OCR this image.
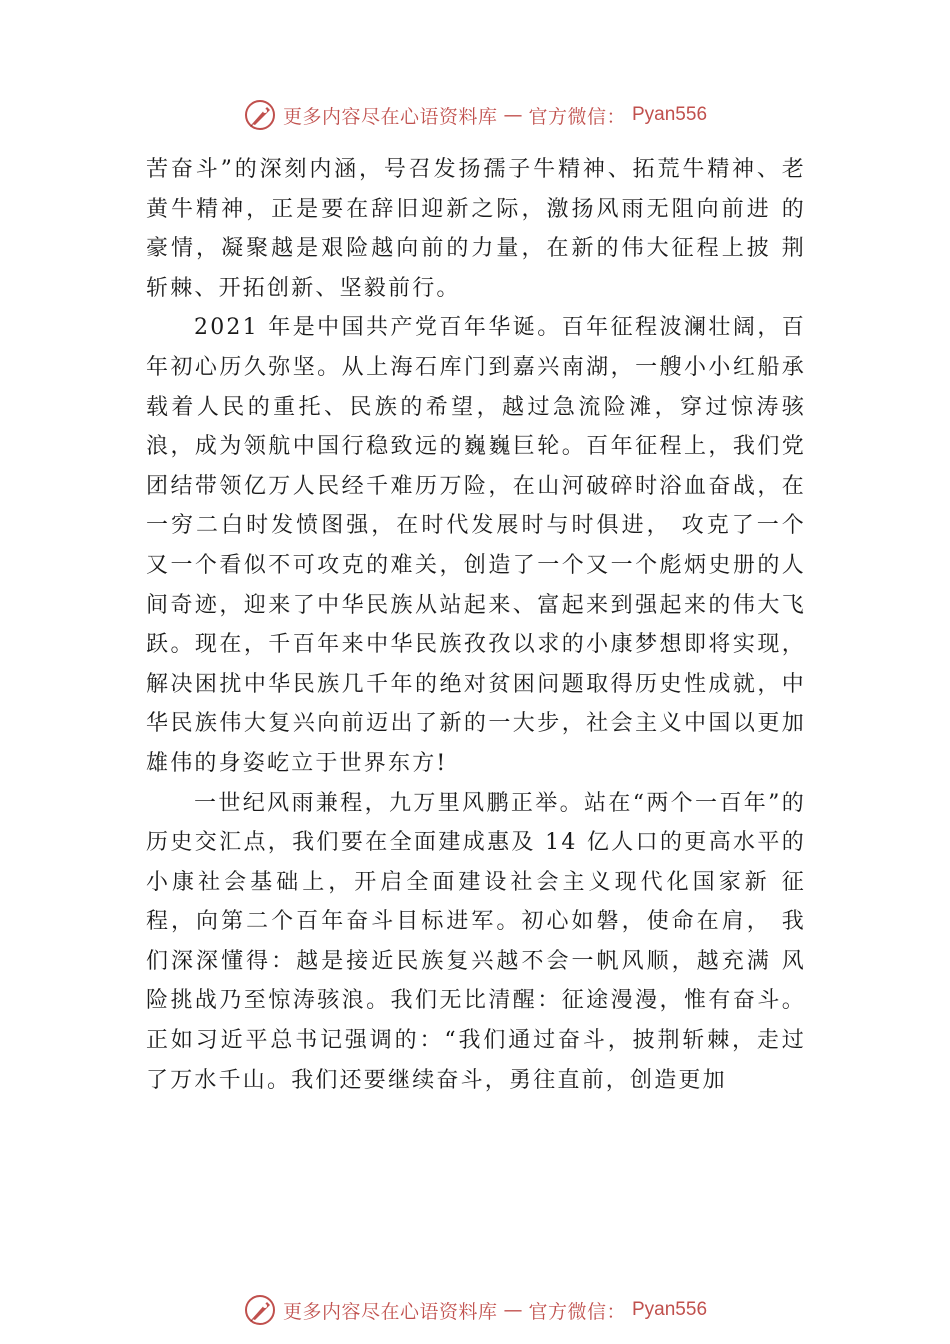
更多内容尽在心语资料库 — 官方微信： Pyan556

苦奋斗”的深刻内涵，号召发扬孺子牛精神、拓荒牛精神、老黄牛精神，正是要在辞旧迎新之际，激扬风雨无阻向前进 的豪情，凝聚越是艰险越向前的力量，在新的伟大征程上披 荆斩棘、开拓创新、坚毅前行。

2021 年是中国共产党百年华诞。百年征程波澜壮阔，百年初心历久弥坚。从上海石库门到嘉兴南湖，一艘小小红船承载着人民的重托、民族的希望，越过急流险滩，穿过惊涛骇浪，成为领航中国行稳致远的巍巍巨轮。百年征程上，我们党团结带领亿万人民经千难历万险，在山河破碎时浴血奋战，在一穷二白时发愤图强，在时代发展时与时俱进， 攻克了一个又一个看似不可攻克的难关，创造了一个又一个彪炳史册的人间奇迹，迎来了中华民族从站起来、富起来到强起来的伟大飞跃。现在，千百年来中华民族孜孜以求的小康梦想即将实现，解决困扰中华民族几千年的绝对贫困问题取得历史性成就，中华民族伟大复兴向前迈出了新的一大步，社会主义中国以更加雄伟的身姿屹立于世界东方!

一世纪风雨兼程，九万里风鹏正举。站在“两个一百年”的历史交汇点，我们要在全面建成惠及 14 亿人口的更高水平的小康社会基础上，开启全面建设社会主义现代化国家新 征程，向第二个百年奋斗目标进军。初心如磐，使命在肩， 我们深深懂得：越是接近民族复兴越不会一帆风顺，越充满 风险挑战乃至惊涛骇浪。我们无比清醒：征途漫漫，惟有奋斗。正如习近平总书记强调的：“我们通过奋斗，披荆斩棘，走过了万水千山。我们还要继续奋斗，勇往直前，创造更加

更多内容尽在心语资料库 — 官方微信： Pyan556
